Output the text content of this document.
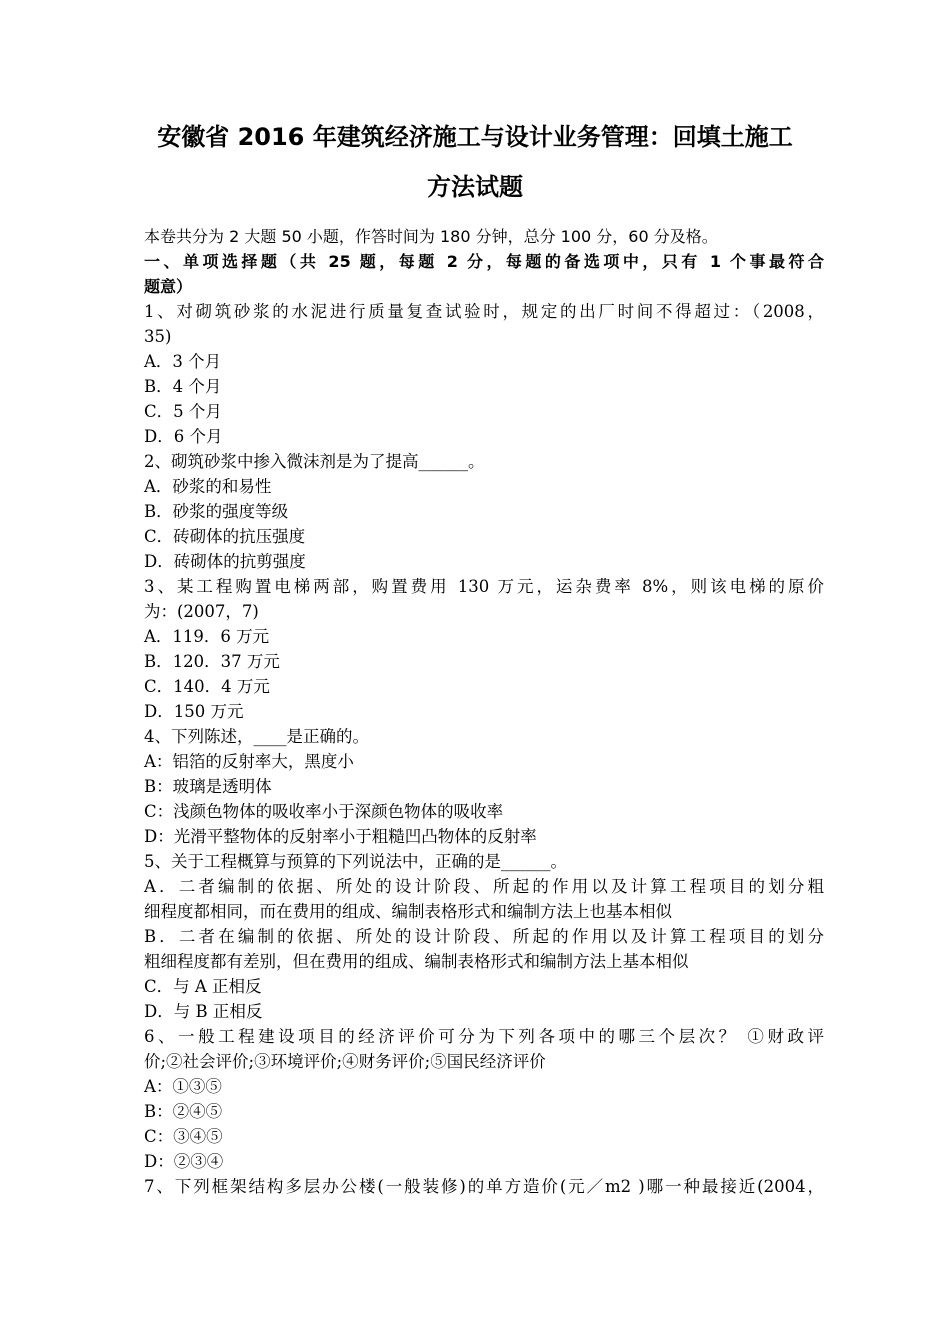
安徽省 2016 年建筑经济施工与设计业务管理：回填土施工
方法试题
本卷共分为 2 大题 50 小题，作答时间为 180 分钟，总分 100 分，60 分及格。
一、单项选择题（共 25 题，每题 2 分，每题的备选项中，只有 1 个事最符合
题意）
1、对砌筑砂浆的水泥进行质量复查试验时，规定的出厂时间不得超过：（2008，
35)
A．3 个月
B．4 个月
C．5 个月
D．6 个月
2、砌筑砂浆中掺入微沫剂是为了提高______。
A．砂浆的和易性
B．砂浆的强度等级
C．砖砌体的抗压强度
D．砖砌体的抗剪强度
3、某工程购置电梯两部，购置费用 130 万元，运杂费率 8%，则该电梯的原价
为：(2007，7)
A．119．6 万元
B．120．37 万元
C．140．4 万元
D．150 万元
4、下列陈述，____是正确的。
A：铝箔的反射率大，黑度小
B：玻璃是透明体
C：浅颜色物体的吸收率小于深颜色物体的吸收率
D：光滑平整物体的反射率小于粗糙凹凸物体的反射率
5、关于工程概算与预算的下列说法中，正确的是______。
A．二者编制的依据、所处的设计阶段、所起的作用以及计算工程项目的划分粗
细程度都相同，而在费用的组成、编制表格形式和编制方法上也基本相似
B．二者在编制的依据、所处的设计阶段、所起的作用以及计算工程项目的划分
粗细程度都有差别，但在费用的组成、编制表格形式和编制方法上基本相似
C．与 A 正相反
D．与 B 正相反
6、一般工程建设项目的经济评价可分为下列各项中的哪三个层次？ ①财政评
价;②社会评价;③环境评价;④财务评价;⑤国民经济评价
A：①③⑤
B：②④⑤
C：③④⑤
D：②③④
7、下列框架结构多层办公楼(一般装修)的单方造价(元／m2 )哪一种最接近(2004，
